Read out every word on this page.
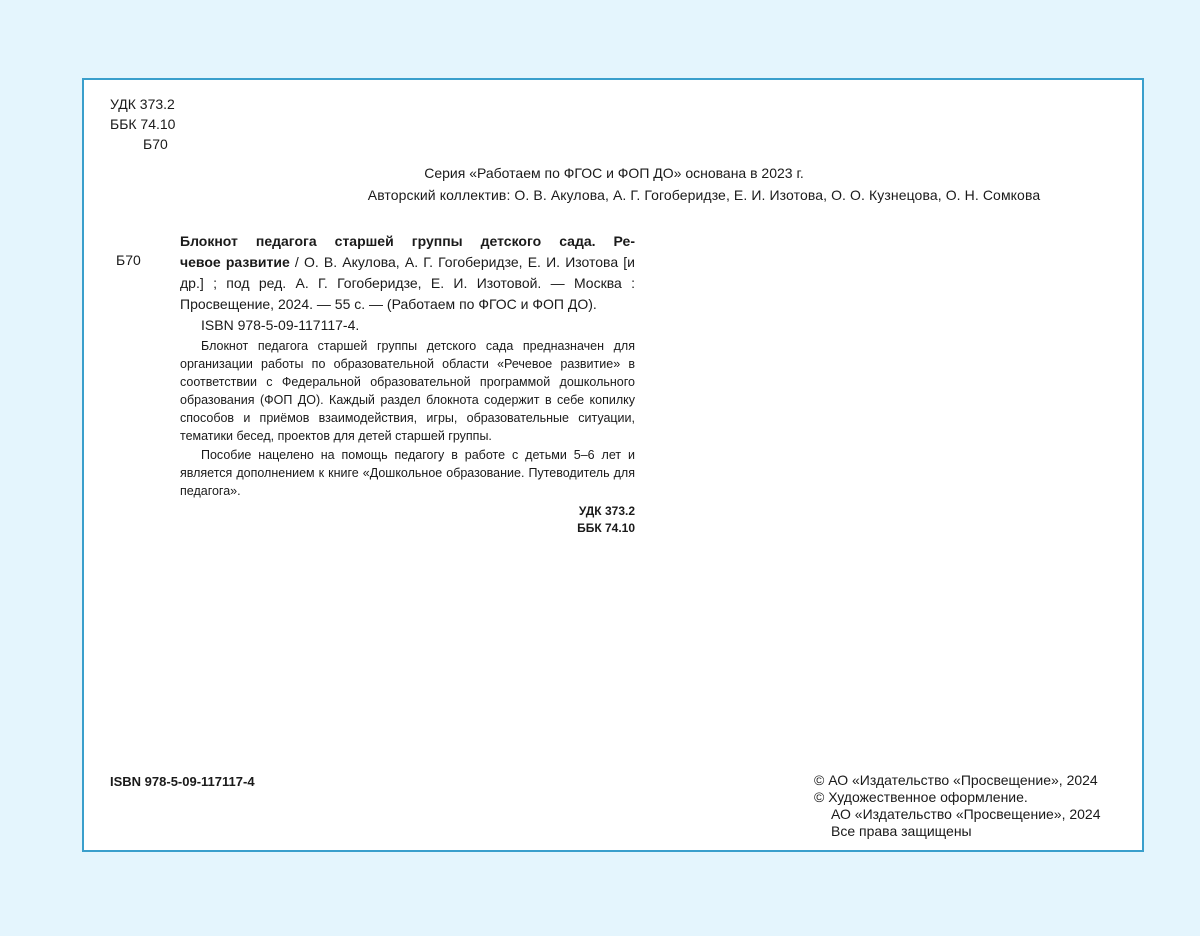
УДК 373.2
ББК 74.10
Б70
Серия «Работаем по ФГОС и ФОП ДО» основана в 2023 г.
Авторский коллектив: О. В. Акулова, А. Г. Гогоберидзе, Е. И. Изотова, О. О. Кузнецова, О. Н. Сомкова
Б70
Блокнот педагога старшей группы детского сада. Ре-
чевое развитие / О. В. Акулова, А. Г. Гогоберидзе, Е. И. Изотова [и др.] ; под ред. А. Г. Гогоберидзе, Е. И. Изотовой. — Москва : Просвещение, 2024. — 55 с. — (Работаем по ФГОС и ФОП ДО).
ISBN 978-5-09-117117-4.
Блокнот педагога старшей группы детского сада предназначен для организации работы по образовательной области «Речевое развитие» в соответствии с Федеральной образовательной программой дошкольного образования (ФОП ДО). Каждый раздел блокнота содержит в себе копилку способов и приёмов взаимодействия, игры, образовательные ситуации, тематики бесед, проектов для детей старшей группы.
Пособие нацелено на помощь педагогу в работе с детьми 5–6 лет и является дополнением к книге «Дошкольное образование. Путеводитель для педагога».
УДК 373.2
ББК 74.10
ISBN 978-5-09-117117-4	© АО «Издательство «Просвещение», 2024
© Художественное оформление.
АО «Издательство «Просвещение», 2024
Все права защищены
